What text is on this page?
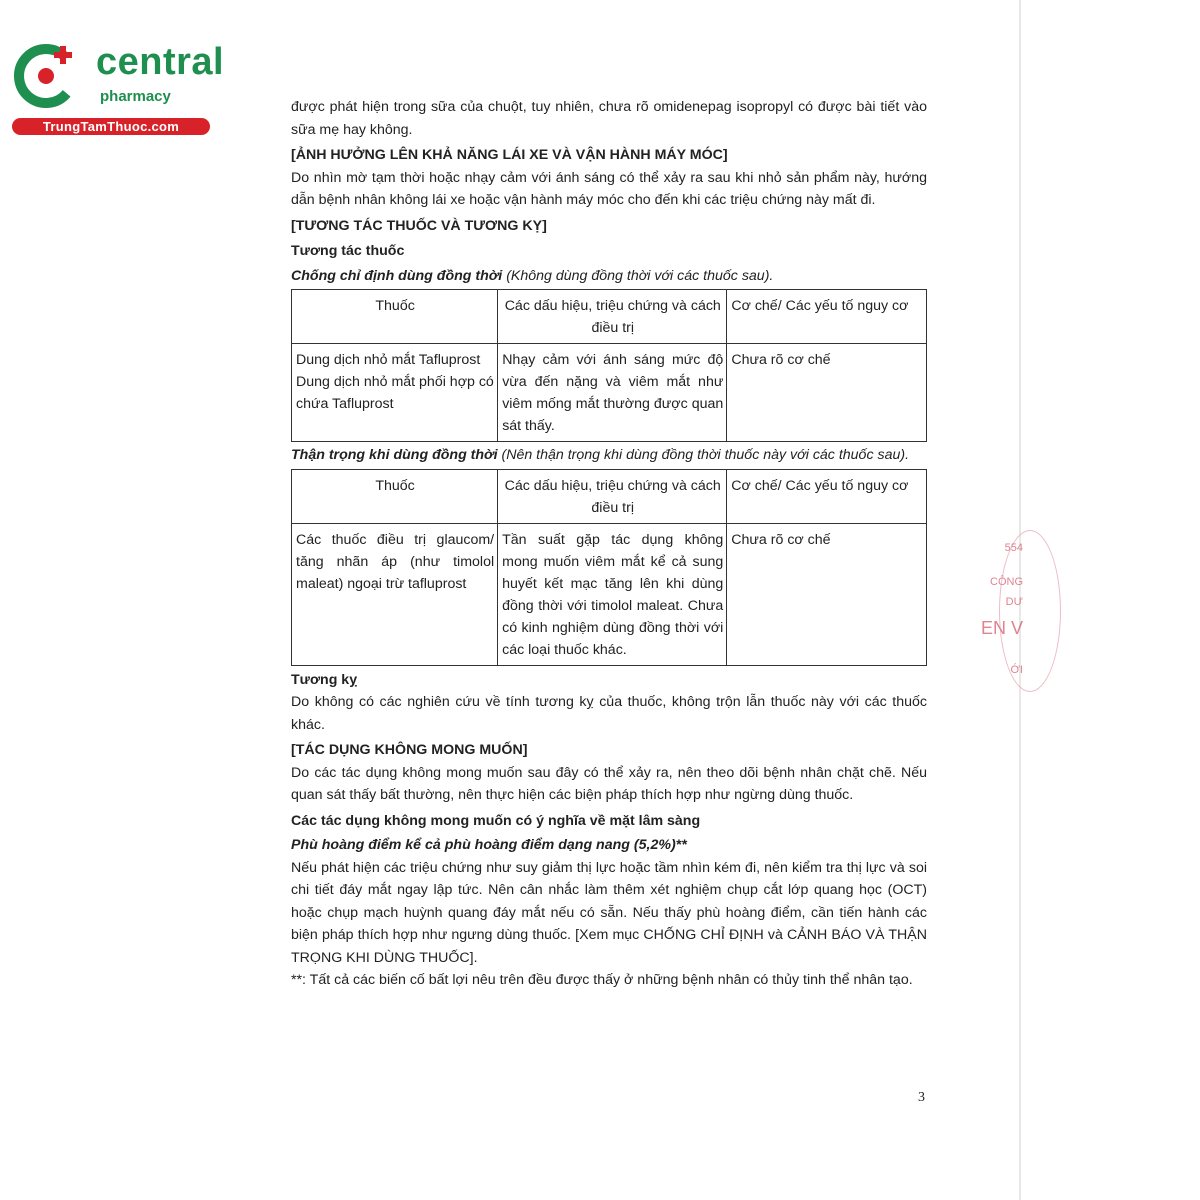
central
pharmacy
TrungTamThuoc.com

được phát hiện trong sữa của chuột, tuy nhiên, chưa rõ omidenepag isopropyl có được bài tiết vào sữa mẹ hay không.

[ẢNH HƯỞNG LÊN KHẢ NĂNG LÁI XE VÀ VẬN HÀNH MÁY MÓC]

Do nhìn mờ tạm thời hoặc nhạy cảm với ánh sáng có thể xảy ra sau khi nhỏ sản phẩm này, hướng dẫn bệnh nhân không lái xe hoặc vận hành máy móc cho đến khi các triệu chứng này mất đi.

[TƯƠNG TÁC THUỐC VÀ TƯƠNG KỴ]

Tương tác thuốc

Chống chỉ định dùng đồng thời (Không dùng đồng thời với các thuốc sau).

Thuốc	Các dấu hiệu, triệu chứng và cách điều trị	Cơ chế/ Các yếu tố nguy cơ

Dung dịch nhỏ mắt Tafluprost
Dung dịch nhỏ mắt phối hợp có chứa Tafluprost	Nhạy cảm với ánh sáng mức độ vừa đến nặng và viêm mắt như viêm mống mắt thường được quan sát thấy.	Chưa rõ cơ chế

Thận trọng khi dùng đồng thời (Nên thận trọng khi dùng đồng thời thuốc này với các thuốc sau).

Thuốc	Các dấu hiệu, triệu chứng và cách điều trị	Cơ chế/ Các yếu tố nguy cơ
Các thuốc điều trị glaucom/ tăng nhãn áp (như timolol maleat) ngoại trừ tafluprost	Tần suất gặp tác dụng không mong muốn viêm mắt kể cả sung huyết kết mạc tăng lên khi dùng đồng thời với timolol maleat. Chưa có kinh nghiệm dùng đồng thời với các loại thuốc khác.	Chưa rõ cơ chế

Tương kỵ

Do không có các nghiên cứu về tính tương kỵ của thuốc, không trộn lẫn thuốc này với các thuốc khác.

[TÁC DỤNG KHÔNG MONG MUỐN]

Do các tác dụng không mong muốn sau đây có thể xảy ra, nên theo dõi bệnh nhân chặt chẽ. Nếu quan sát thấy bất thường, nên thực hiện các biện pháp thích hợp như ngừng dùng thuốc.

Các tác dụng không mong muốn có ý nghĩa về mặt lâm sàng

Phù hoàng điểm kể cả phù hoàng điểm dạng nang (5,2%)**

Nếu phát hiện các triệu chứng như suy giảm thị lực hoặc tầm nhìn kém đi, nên kiểm tra thị lực và soi chi tiết đáy mắt ngay lập tức. Nên cân nhắc làm thêm xét nghiệm chụp cắt lớp quang học (OCT) hoặc chụp mạch huỳnh quang đáy mắt nếu có sẵn. Nếu thấy phù hoàng điểm, cần tiến hành các biện pháp thích hợp như ngưng dùng thuốc. [Xem mục CHỐNG CHỈ ĐỊNH và CẢNH BÁO VÀ THẬN TRỌNG KHI DÙNG THUỐC].

**: Tất cả các biến cố bất lợi nêu trên đều được thấy ở những bệnh nhân có thủy tinh thể nhân tạo.

3
554
CÔNG
DƯ
EN V
ỚI
